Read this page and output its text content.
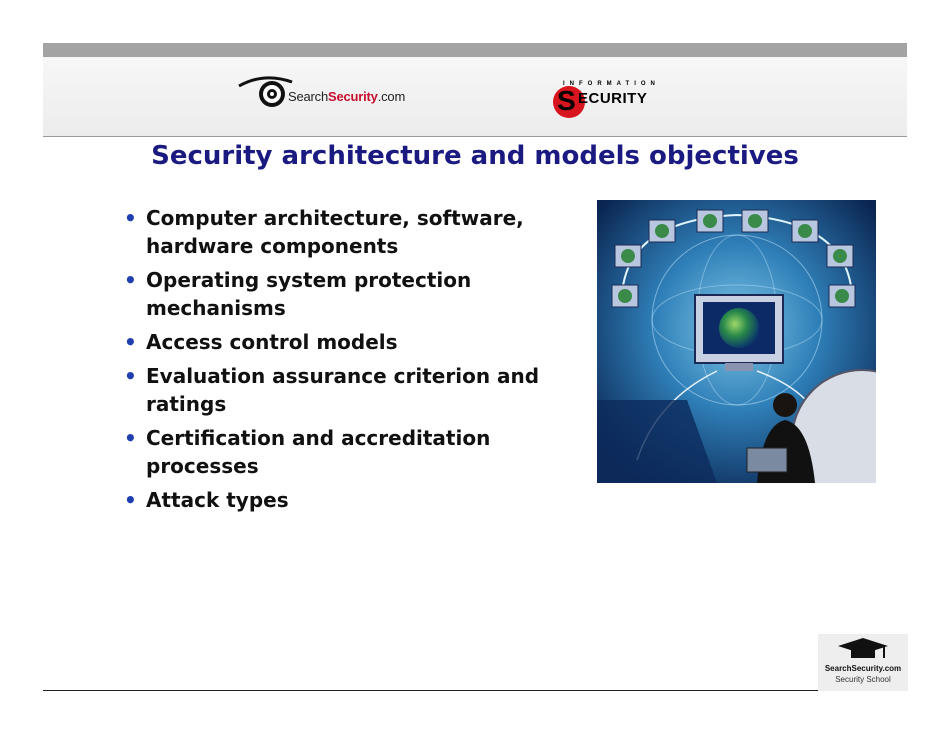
SearchSecurity.com
INFORMATION
S ECURITY
Security architecture and models objectives
• Computer architecture, software, hardware components
• Operating system protection mechanisms
• Access control models
• Evaluation assurance criterion and ratings
• Certification and accreditation processes
• Attack types
SearchSecurity.com
Security School
